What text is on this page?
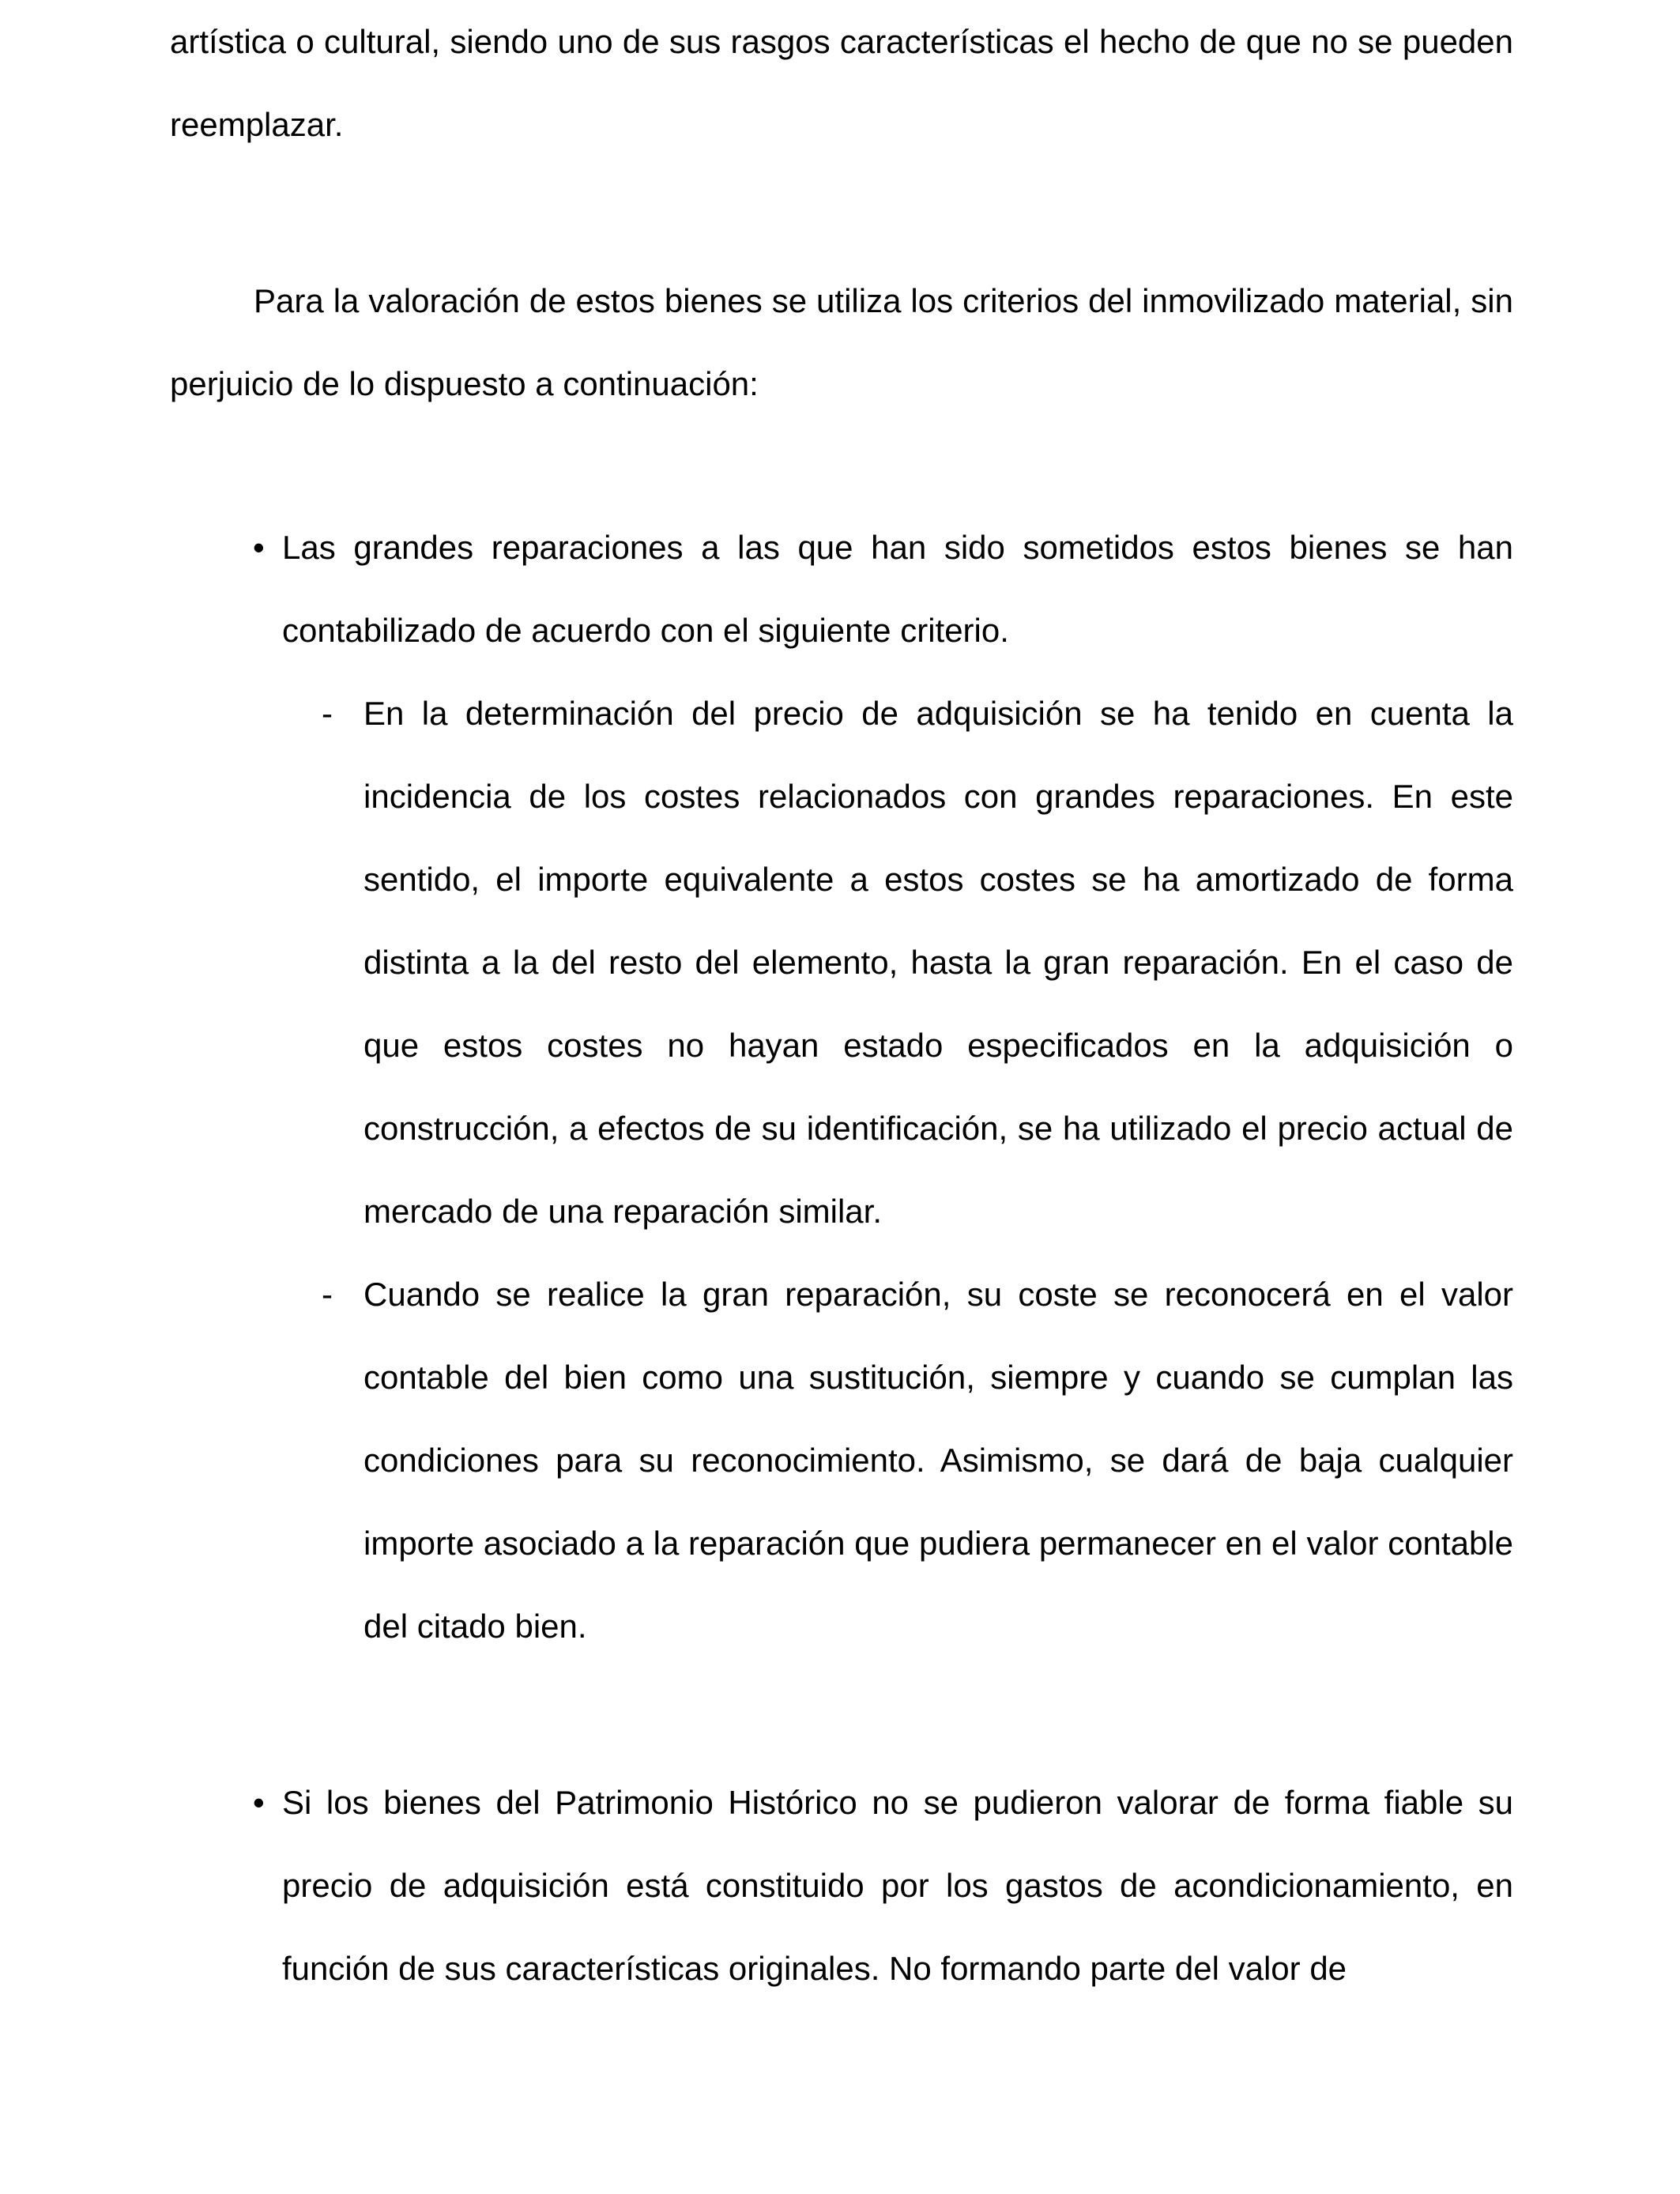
artística o cultural, siendo uno de sus rasgos características el hecho de que no se pueden reemplazar.

Para la valoración de estos bienes se utiliza los criterios del inmovilizado material, sin perjuicio de lo dispuesto a continuación:

• Las grandes reparaciones a las que han sido sometidos estos bienes se han contabilizado de acuerdo con el siguiente criterio.

- En la determinación del precio de adquisición se ha tenido en cuenta la incidencia de los costes relacionados con grandes reparaciones. En este sentido, el importe equivalente a estos costes se ha amortizado de forma distinta a la del resto del elemento, hasta la gran reparación. En el caso de que estos costes no hayan estado especificados en la adquisición o construcción, a efectos de su identificación, se ha utilizado el precio actual de mercado de una reparación similar.

- Cuando se realice la gran reparación, su coste se reconocerá en el valor contable del bien como una sustitución, siempre y cuando se cumplan las condiciones para su reconocimiento. Asimismo, se dará de baja cualquier importe asociado a la reparación que pudiera permanecer en el valor contable del citado bien.

• Si los bienes del Patrimonio Histórico no se pudieron valorar de forma fiable su precio de adquisición está constituido por los gastos de acondicionamiento, en función de sus características originales. No formando parte del valor de
